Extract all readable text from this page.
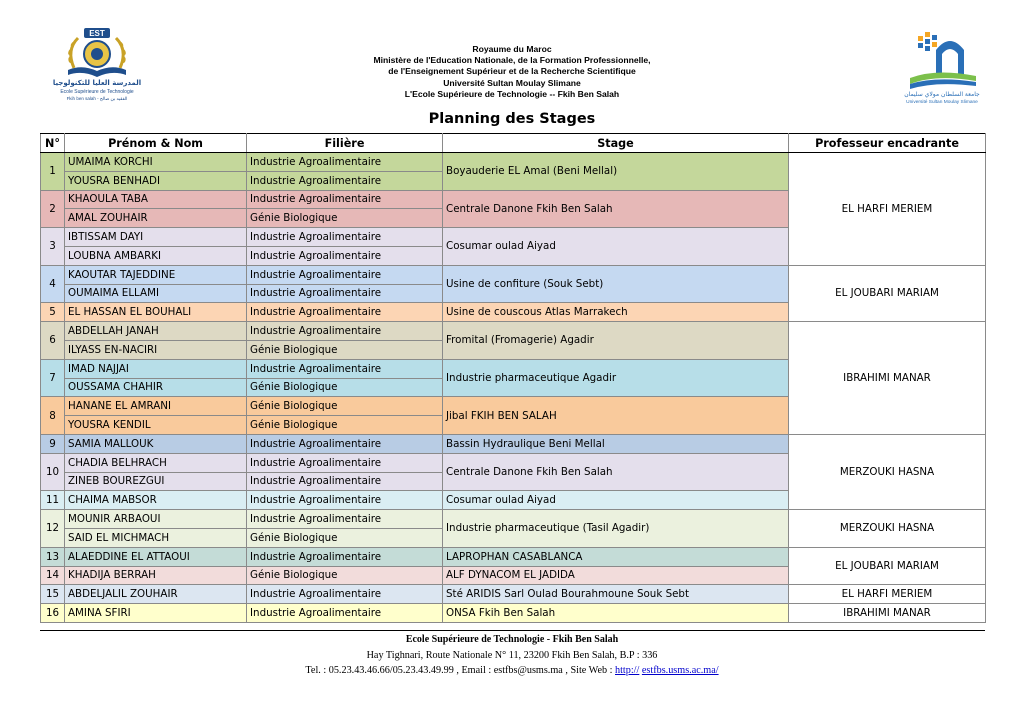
EST
المدرسة العليا للتكنولوجيا
Ecole Supérieure de Technologie
Fkih ben salah - الفقيه بن صالح
Royaume du Maroc
Ministère de l'Education Nationale, de la Formation Professionnelle,
de l'Enseignement Supérieur et de la Recherche Scientifique
Université Sultan Moulay Slimane
L'Ecole Supérieure de Technologie -- Fkih Ben Salah	جامعة السلطان مولاي سليمان
Université Sultan Moulay Slimane
Planning des Stages
N°	Prénom & Nom	Filière	Stage	Professeur encadrante
1	UMAIMA KORCHI	Industrie Agroalimentaire	Boyauderie EL Amal (Beni Mellal)	EL HARFI MERIEM
	YOUSRA BENHADI	Industrie Agroalimentaire		
2	KHAOULA TABA	Industrie Agroalimentaire	Centrale Danone Fkih Ben Salah	
	AMAL ZOUHAIR	Génie Biologique		
3	IBTISSAM DAYI	Industrie Agroalimentaire	Cosumar oulad Aiyad	
	LOUBNA AMBARKI	Industrie Agroalimentaire		
4	KAOUTAR TAJEDDINE	Industrie Agroalimentaire	Usine de confiture (Souk Sebt)	EL JOUBARI MARIAM
	OUMAIMA ELLAMI	Industrie Agroalimentaire		
5	EL HASSAN EL BOUHALI	Industrie Agroalimentaire	Usine de couscous Atlas Marrakech	
6	ABDELLAH JANAH	Industrie Agroalimentaire	Fromital (Fromagerie) Agadir	IBRAHIMI MANAR
	ILYASS EN-NACIRI	Génie Biologique		
7	IMAD NAJJAI	Industrie Agroalimentaire	Industrie pharmaceutique Agadir	
	OUSSAMA CHAHIR	Génie Biologique		
8	HANANE EL AMRANI	Génie Biologique	Jibal FKIH BEN SALAH	
	YOUSRA KENDIL	Génie Biologique		
9	SAMIA MALLOUK	Industrie Agroalimentaire	Bassin Hydraulique Beni Mellal	MERZOUKI HASNA
10	CHADIA BELHRACH	Industrie Agroalimentaire	Centrale Danone Fkih Ben Salah	
	ZINEB BOUREZGUI	Industrie Agroalimentaire		
11	CHAIMA MABSOR	Industrie Agroalimentaire	Cosumar oulad Aiyad	
12	MOUNIR ARBAOUI	Industrie Agroalimentaire	Industrie pharmaceutique (Tasil Agadir)	MERZOUKI HASNA
	SAID EL MICHMACH	Génie Biologique		
13	ALAEDDINE EL ATTAOUI	Industrie Agroalimentaire	LAPROPHAN CASABLANCA	EL JOUBARI MARIAM
14	KHADIJA BERRAH	Génie Biologique	ALF DYNACOM EL JADIDA	
15	ABDELJALIL ZOUHAIR	Industrie Agroalimentaire	Sté ARIDIS Sarl Oulad Bourahmoune Souk Sebt	EL HARFI MERIEM
16	AMINA SFIRI	Industrie Agroalimentaire	ONSA Fkih Ben Salah	IBRAHIMI MANAR
Ecole Supérieure de Technologie - Fkih Ben Salah
Hay Tighnari, Route Nationale N° 11, 23200 Fkih Ben Salah, B.P : 336
Tel. : 05.23.43.46.66/05.23.43.49.99 , Email : estfbs@usms.ma , Site Web : http:// estfbs.usms.ac.ma/
